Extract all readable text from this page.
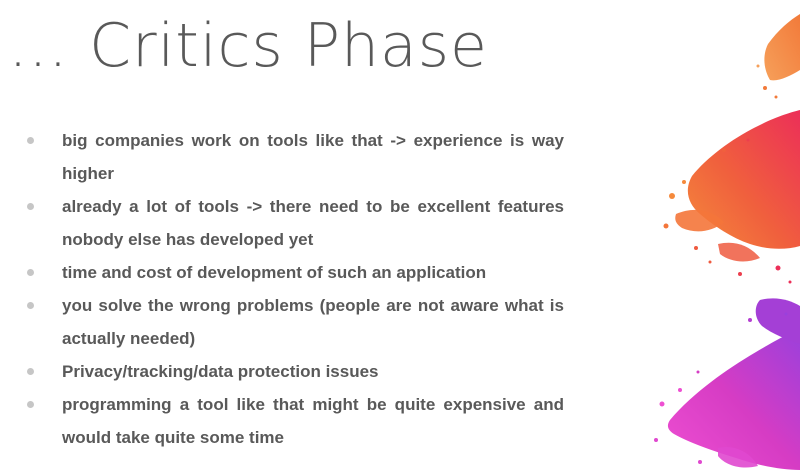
… Critics Phase
big companies work on tools like that -> experience is way higher
already a lot of tools -> there need to be excellent features nobody else has developed yet
time and cost of development of such an application
you solve the wrong problems (people are not aware what is actually needed)
Privacy/tracking/data protection issues
programming a tool like that might be quite expensive and would take quite some time
